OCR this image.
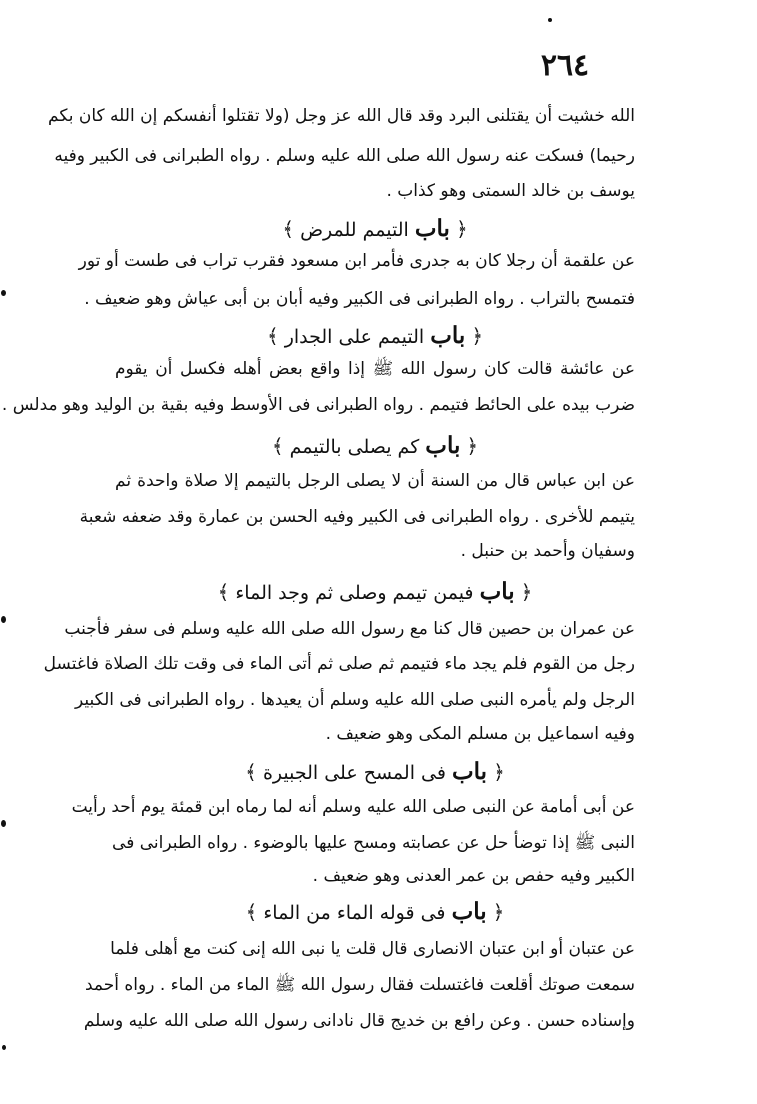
٢٦٤
الله خشيت أن يقتلنى البرد وقد قال الله عز وجل (ولا تقتلوا أنفسكم إن الله كان بكم
رحيما) فسكت عنه رسول الله صلى الله عليه وسلم . رواه الطبرانى فى الكبير وفيه
يوسف بن خالد السمتى وهو كذاب .
﴿ باب التيمم للمرض ﴾
عن علقمة أن رجلا كان به جدرى فأمر ابن مسعود فقرب تراب فى طست أو تور
فتمسح بالتراب . رواه الطبرانى فى الكبير وفيه أبان بن أبى عياش وهو ضعيف .
﴿ باب التيمم على الجدار ﴾
عن عائشة قالت كان رسول الله ﷺ إذا واقع بعض أهله فكسل أن يقوم
ضرب بيده على الحائط فتيمم . رواه الطبرانى فى الأوسط وفيه بقية بن الوليد وهو مدلس .
﴿ باب كم يصلى بالتيمم ﴾
عن ابن عباس قال من السنة أن لا يصلى الرجل بالتيمم إلا صلاة واحدة ثم
يتيمم للأخرى . رواه الطبرانى فى الكبير وفيه الحسن بن عمارة وقد ضعفه شعبة
وسفيان وأحمد بن حنبل .
﴿ باب فيمن تيمم وصلى ثم وجد الماء ﴾
عن عمران بن حصين قال كنا مع رسول الله صلى الله عليه وسلم فى سفر فأجنب
رجل من القوم فلم يجد ماء فتيمم ثم صلى ثم أتى الماء فى وقت تلك الصلاة فاغتسل
الرجل ولم يأمره النبى صلى الله عليه وسلم أن يعيدها . رواه الطبرانى فى الكبير
وفيه اسماعيل بن مسلم المكى وهو ضعيف .
﴿ باب فى المسح على الجبيرة ﴾
عن أبى أمامة عن النبى صلى الله عليه وسلم أنه لما رماه ابن قمئة يوم أحد رأيت
النبى ﷺ إذا توضأ حل عن عصابته ومسح عليها بالوضوء . رواه الطبرانى فى
الكبير وفيه حفص بن عمر العدنى وهو ضعيف .
﴿ باب فى قوله الماء من الماء ﴾
عن عتبان أو ابن عتبان الانصارى قال قلت يا نبى الله إنى كنت مع أهلى فلما
سمعت صوتك أقلعت فاغتسلت فقال رسول الله ﷺ الماء من الماء . رواه أحمد
وإسناده حسن . وعن رافع بن خديج قال نادانى رسول الله صلى الله عليه وسلم
